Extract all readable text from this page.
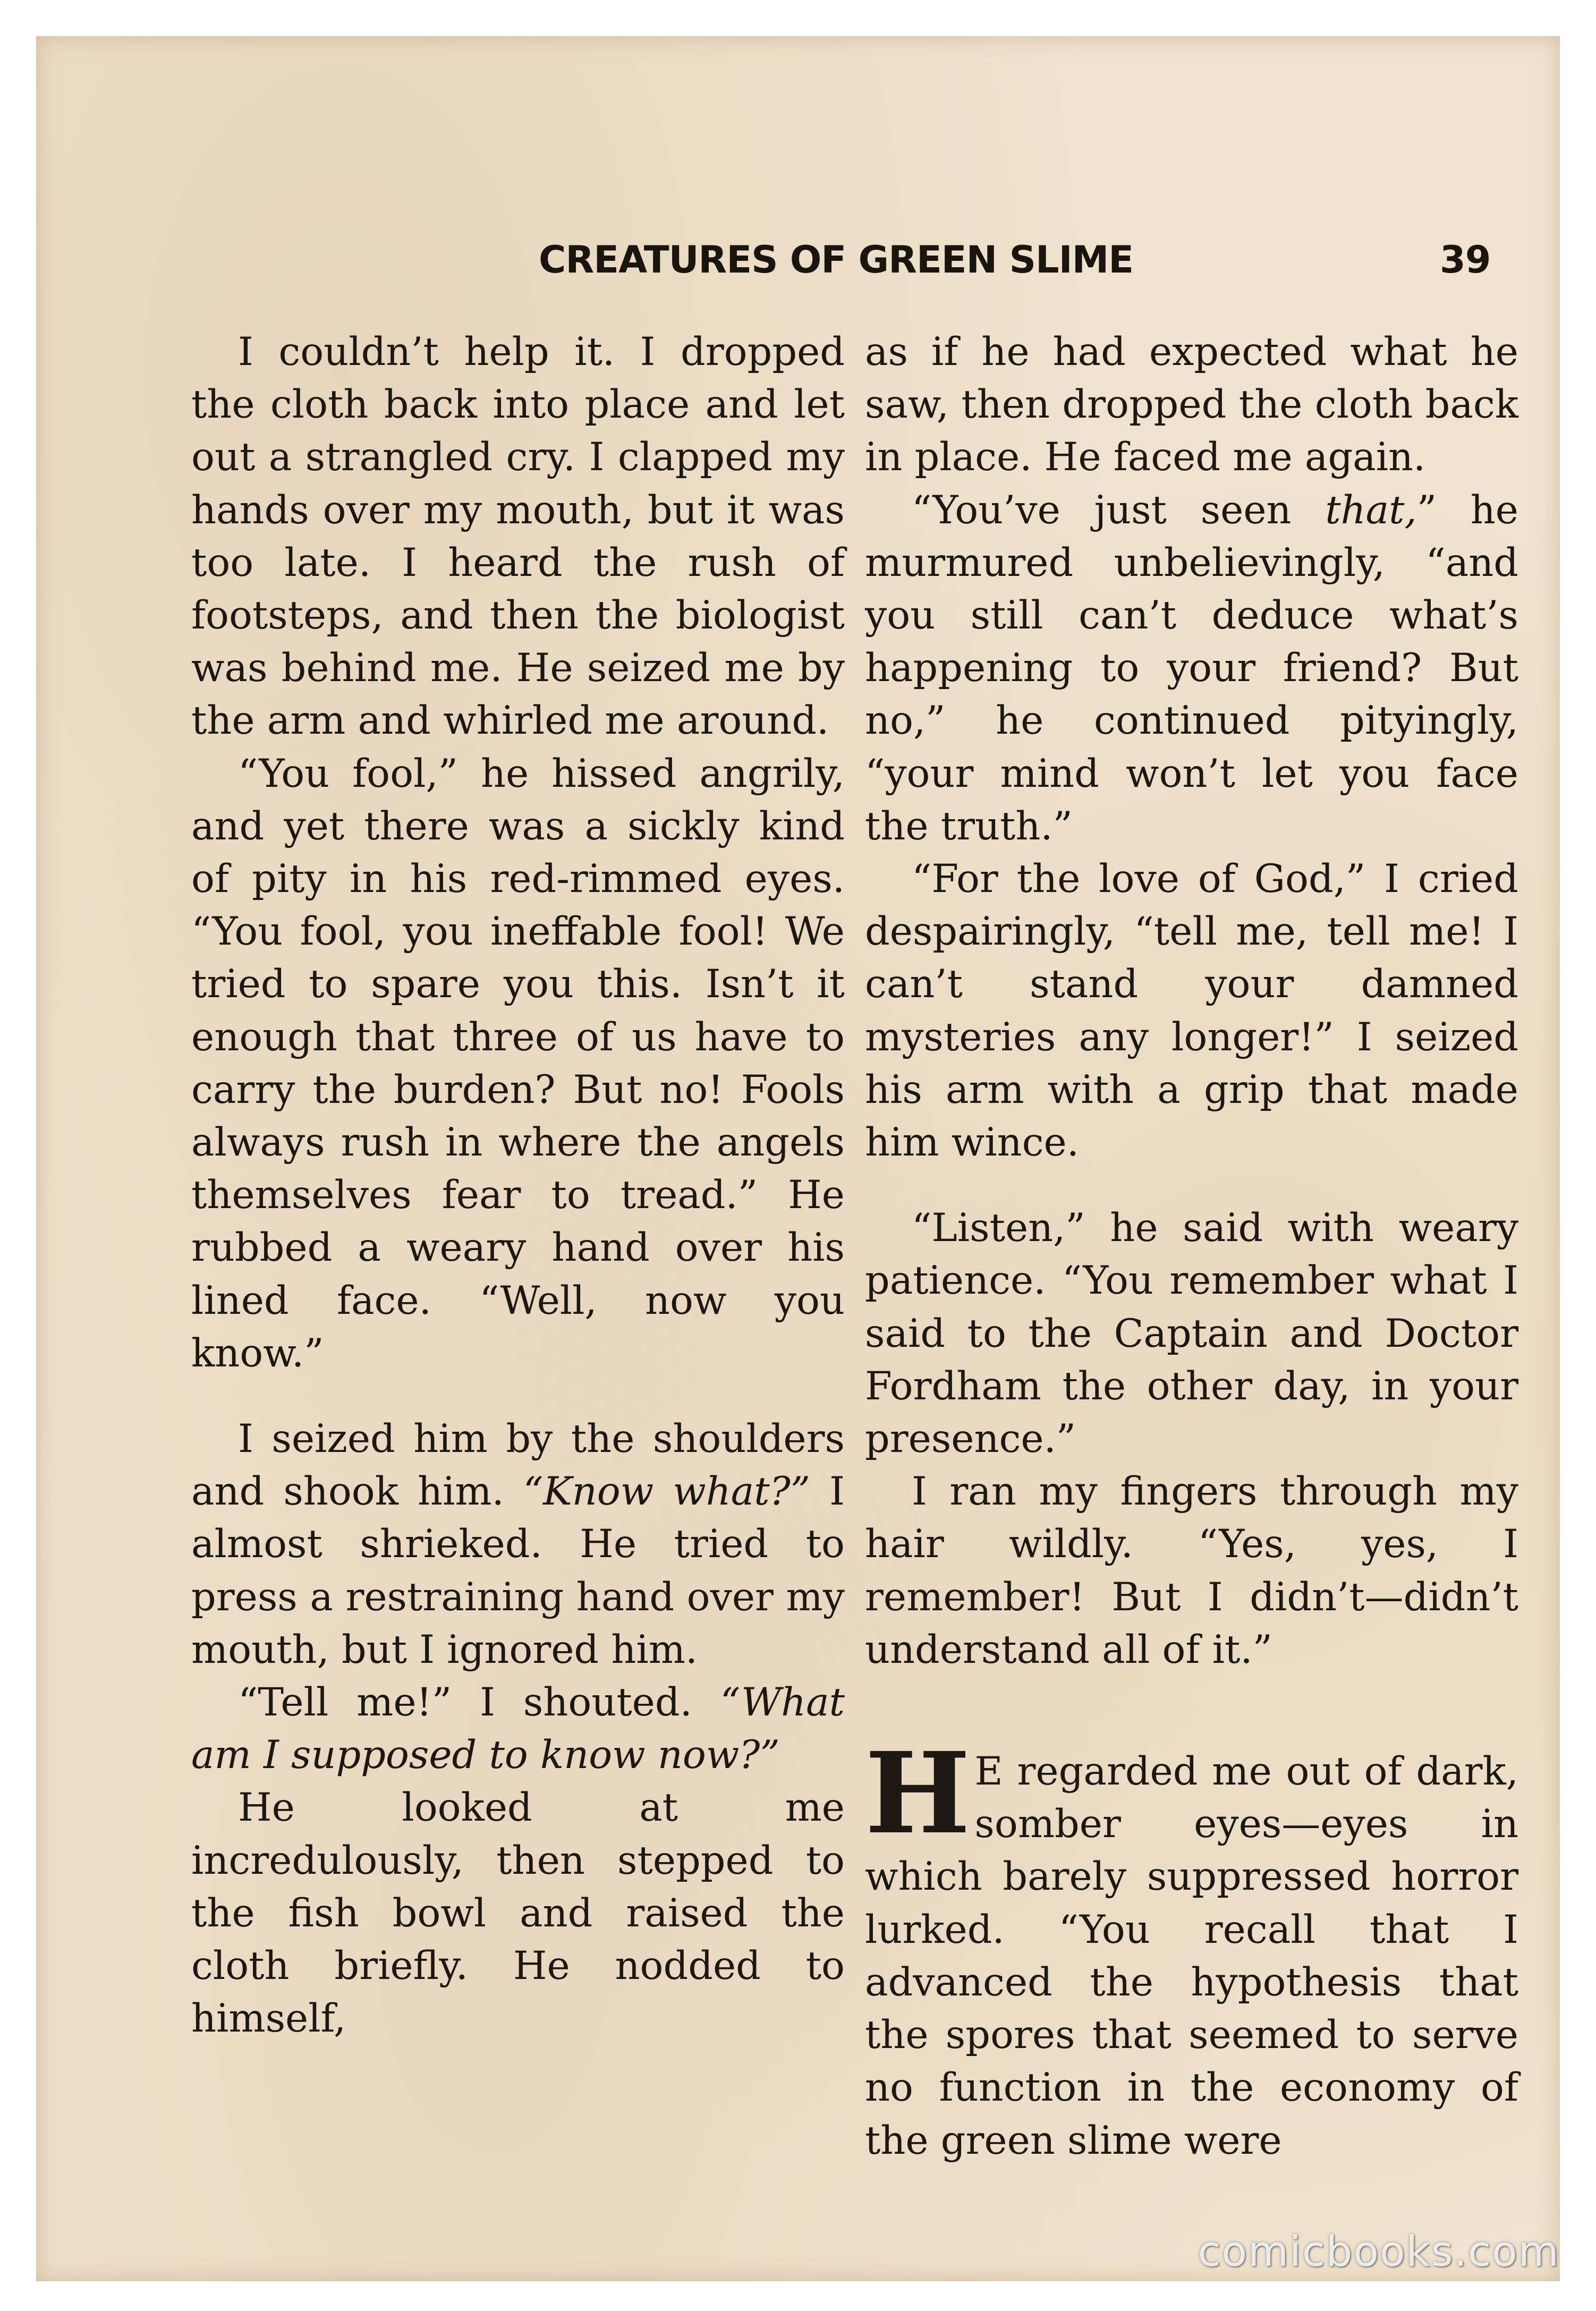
CREATURES OF GREEN SLIME	39

I couldn’t help it. I dropped the cloth back into place and let out a strangled cry. I clapped my hands over my mouth, but it was too late. I heard the rush of footsteps, and then the biologist was behind me. He seized me by the arm and whirled me around.

“You fool,” he hissed angrily, and yet there was a sickly kind of pity in his red-rimmed eyes. “You fool, you ineffable fool! We tried to spare you this. Isn’t it enough that three of us have to carry the burden? But no! Fools always rush in where the angels themselves fear to tread.” He rubbed a weary hand over his lined face. “Well, now you know.”

I seized him by the shoulders and shook him. “Know what?” I almost shrieked. He tried to press a restraining hand over my mouth, but I ignored him.

“Tell me!” I shouted. “What am I supposed to know now?”

He looked at me incredulously, then stepped to the fish bowl and raised the cloth briefly. He nodded to himself,

as if he had expected what he saw, then dropped the cloth back in place. He faced me again.

“You’ve just seen that,” he murmured unbelievingly, “and you still can’t deduce what’s happening to your friend? But no,” he continued pityingly, “your mind won’t let you face the truth.”

“For the love of God,” I cried despairingly, “tell me, tell me! I can’t stand your damned mysteries any longer!” I seized his arm with a grip that made him wince.

“Listen,” he said with weary patience. “You remember what I said to the Captain and Doctor Fordham the other day, in your presence.”

I ran my fingers through my hair wildly. “Yes, yes, I remember! But I didn’t—didn’t understand all of it.”

H E regarded me out of dark, somber eyes—eyes in which barely suppressed horror lurked. “You recall that I advanced the hypothesis that the spores that seemed to serve no function in the economy of the green slime were

comicbooks.com
